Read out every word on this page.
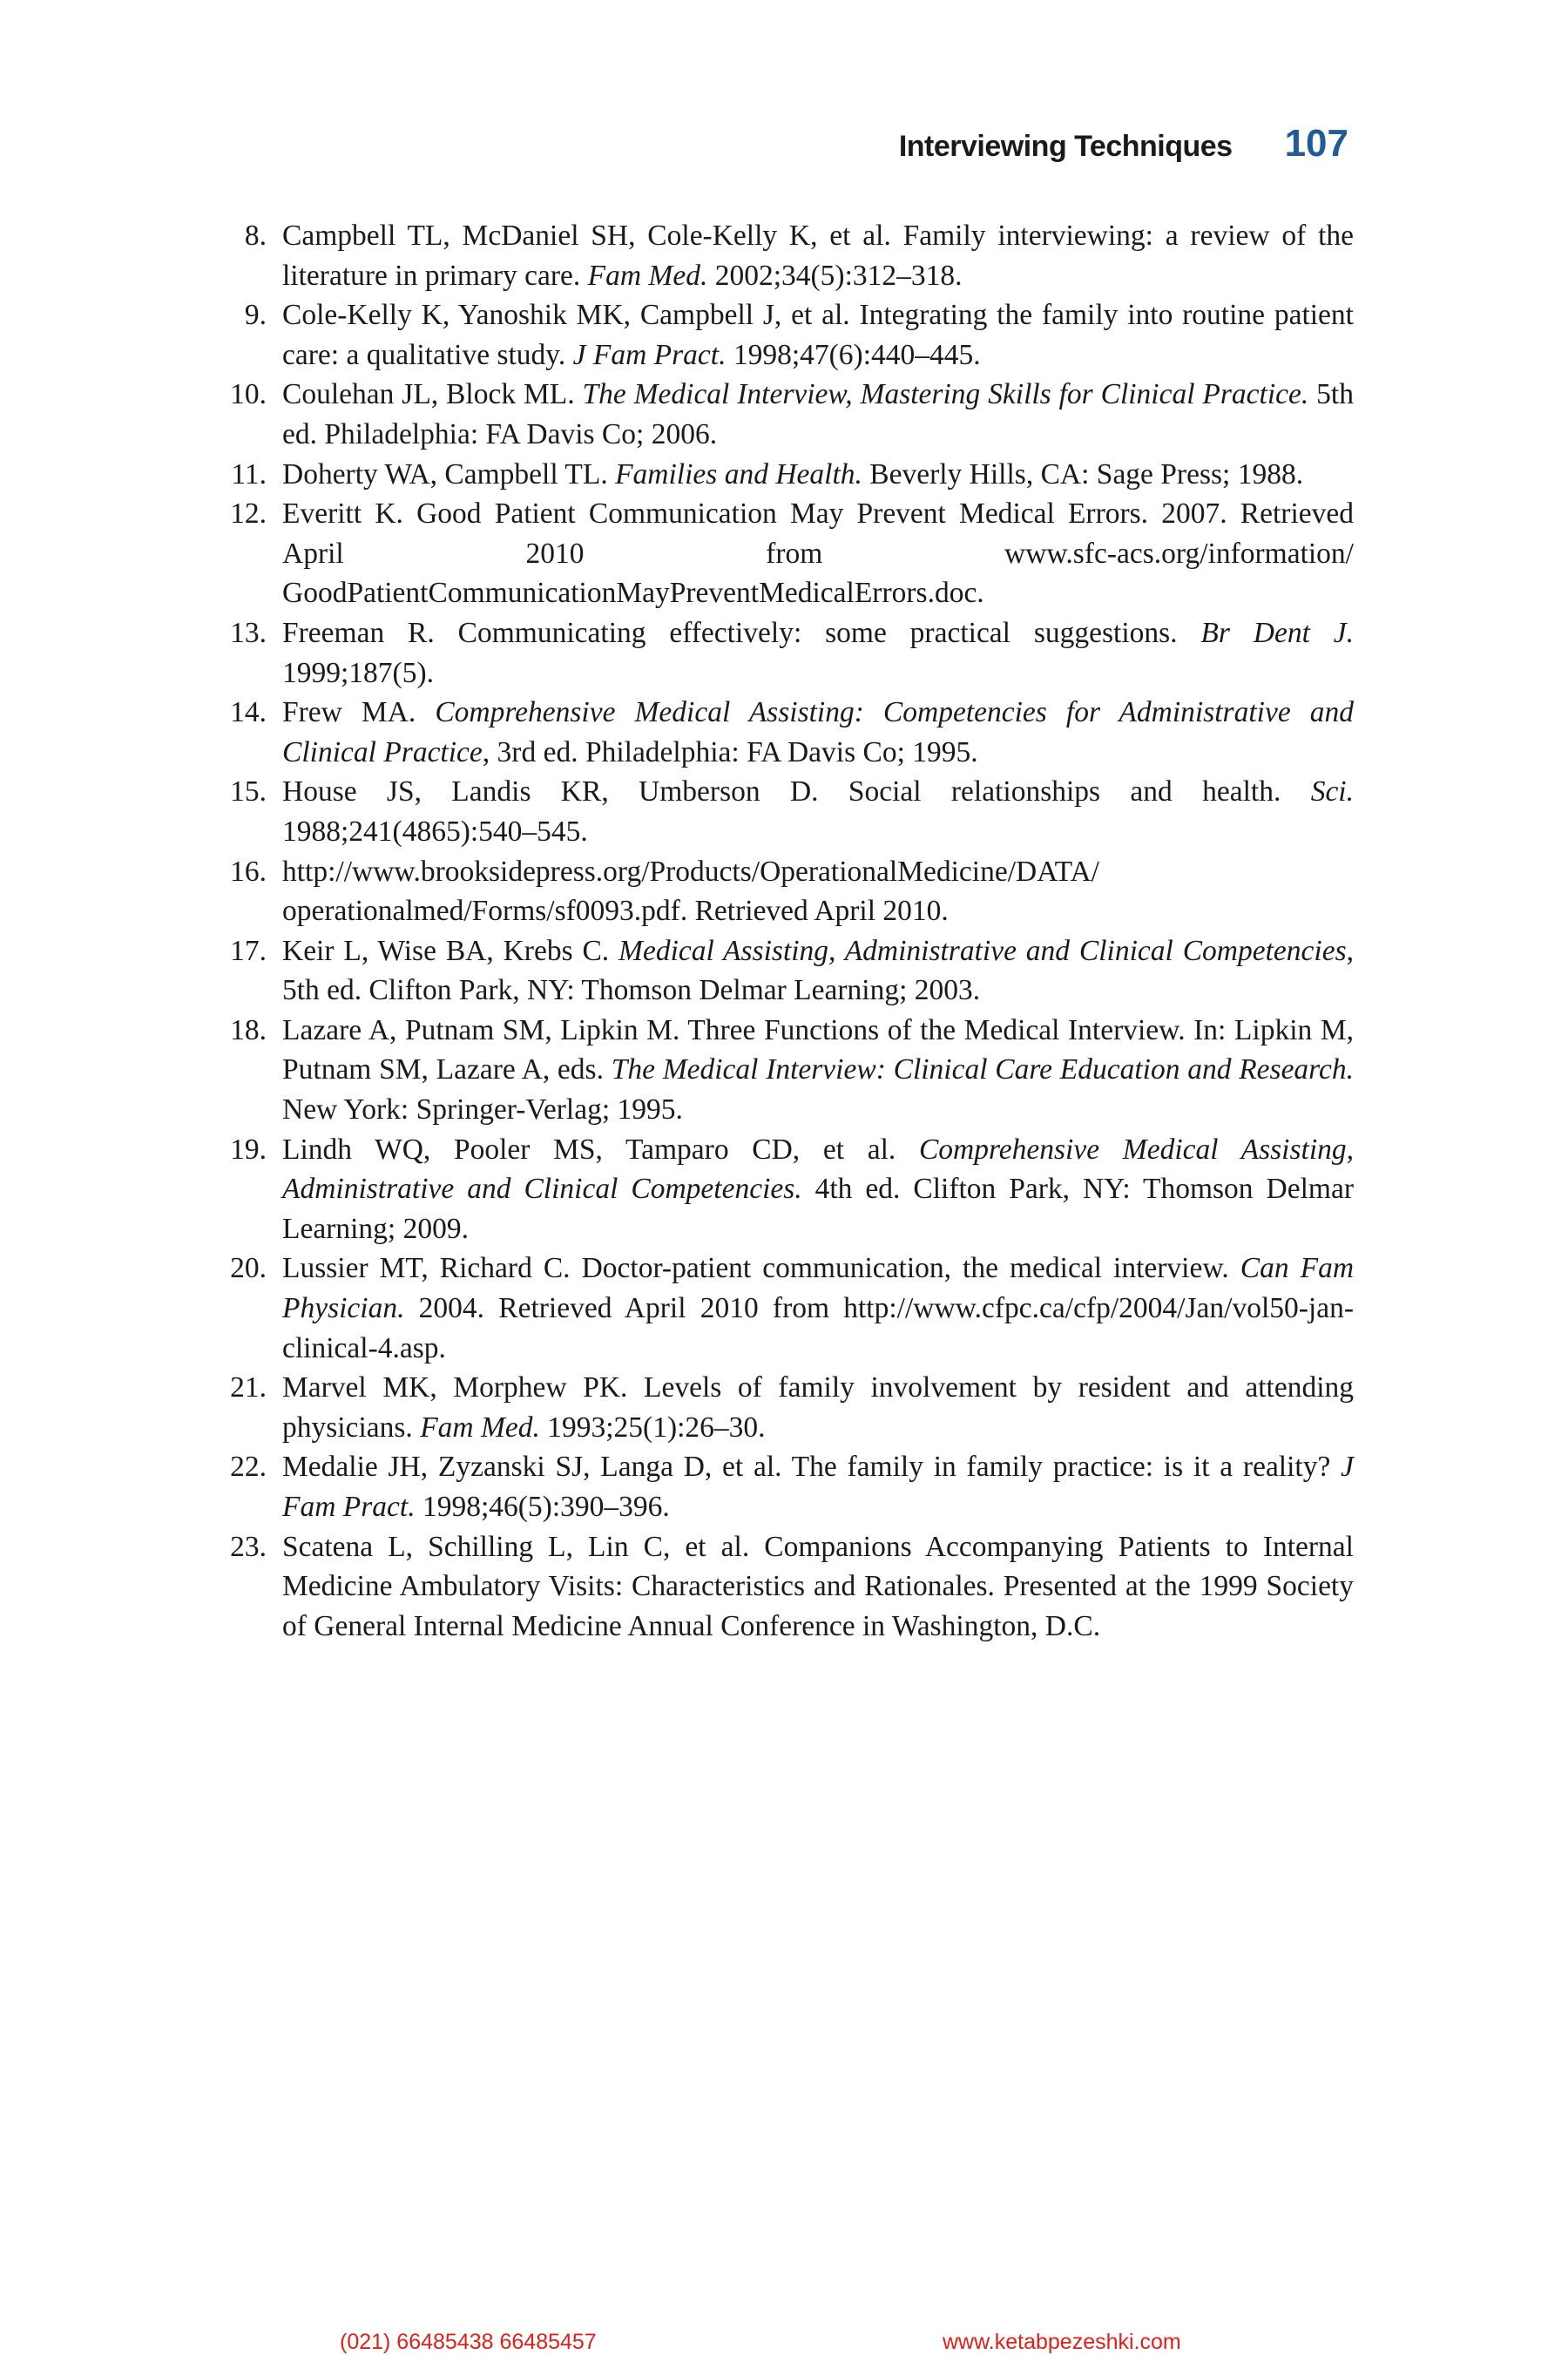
Interviewing Techniques 107
8. Campbell TL, McDaniel SH, Cole-Kelly K, et al. Family interviewing: a review of the literature in primary care. Fam Med. 2002;34(5):312–318.
9. Cole-Kelly K, Yanoshik MK, Campbell J, et al. Integrating the family into routine patient care: a qualitative study. J Fam Pract. 1998;47(6):440–445.
10. Coulehan JL, Block ML. The Medical Interview, Mastering Skills for Clinical Practice. 5th ed. Philadelphia: FA Davis Co; 2006.
11. Doherty WA, Campbell TL. Families and Health. Beverly Hills, CA: Sage Press; 1988.
12. Everitt K. Good Patient Communication May Prevent Medical Errors. 2007. Retrieved April 2010 from www.sfc-acs.org/information/​GoodPatientCommunicationMayPreventMedicalErrors.doc.
13. Freeman R. Communicating effectively: some practical suggestions. Br Dent J. 1999;187(5).
14. Frew MA. Comprehensive Medical Assisting: Competencies for Administrative and Clinical Practice, 3rd ed. Philadelphia: FA Davis Co; 1995.
15. House JS, Landis KR, Umberson D. Social relationships and health. Sci. 1988;241(4865):540–545.
16. http://www.brooksidepress.org/Products/OperationalMedicine/DATA/​operationalmed/Forms/sf0093.pdf. Retrieved April 2010.
17. Keir L, Wise BA, Krebs C. Medical Assisting, Administrative and Clinical Competencies, 5th ed. Clifton Park, NY: Thomson Delmar Learning; 2003.
18. Lazare A, Putnam SM, Lipkin M. Three Functions of the Medical Interview. In: Lipkin M, Putnam SM, Lazare A, eds. The Medical Interview: Clinical Care Education and Research. New York: Springer-Verlag; 1995.
19. Lindh WQ, Pooler MS, Tamparo CD, et al. Comprehensive Medical Assisting, Administrative and Clinical Competencies. 4th ed. Clifton Park, NY: Thomson Delmar Learning; 2009.
20. Lussier MT, Richard C. Doctor-patient communication, the medical interview. Can Fam Physician. 2004. Retrieved April 2010 from http://www.cfpc.ca/​cfp/2004/Jan/vol50-jan-clinical-4.asp.
21. Marvel MK, Morphew PK. Levels of family involvement by resident and attending physicians. Fam Med. 1993;25(1):26–30.
22. Medalie JH, Zyzanski SJ, Langa D, et al. The family in family practice: is it a reality? J Fam Pract. 1998;46(5):390–396.
23. Scatena L, Schilling L, Lin C, et al. Companions Accompanying Patients to Internal Medicine Ambulatory Visits: Characteristics and Rationales. Presented at the 1999 Society of General Internal Medicine Annual Conference in Washington, D.C.
(021) 66485438 66485457	www.ketabpezeshki.com
